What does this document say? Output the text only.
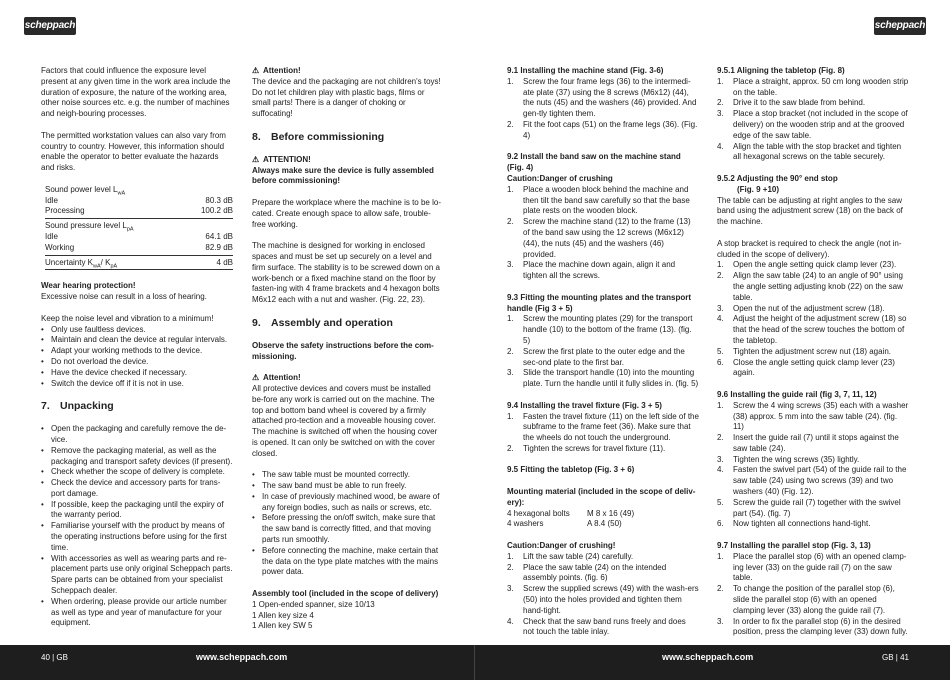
scheppach	scheppach

Factors that could influence the exposure level present at any given time in the work area include the duration of exposure, the nature of the working area, other noise sources etc. e.g. the number of machines and neigh-bouring processes.

The permitted workstation values can also vary from country to country. However, this information should enable the operator to better evaluate the hazards and risks.

Sound power level $L_{wA}$
Idle	80.3 dB
Processing	100.2 dB
Sound pressure level $L_{pA}$
Idle	64.1 dB
Working	82.9 dB
Uncertainty $K_{wA}/$ $K_{pA}$	4 dB
Wear hearing protection!
Excessive noise can result in a loss of hearing.
Keep the noise level and vibration to a minimum!
• Only use faultless devices.
• Maintain and clean the device at regular intervals.
• Adapt your working methods to the device.
• Do not overload the device.
• Have the device checked if necessary.
• Switch the device off if it is not in use.
7. Unpacking
• Open the packaging and carefully remove the de-vice.
• Remove the packaging material, as well as the packaging and transport safety devices (if present).
• Check whether the scope of delivery is complete.
• Check the device and accessory parts for trans-port damage.
• If possible, keep the packaging until the expiry of the warranty period.
• Familiarise yourself with the product by means of the operating instructions before using for the first time.
• With accessories as well as wearing parts and re-placement parts use only original Scheppach parts. Spare parts can be obtained from your specialist Scheppach dealer.
• When ordering, please provide our article number as well as type and year of manufacture for your equipment.
⚠ Attention!
The device and the packaging are not children's toys! Do not let children play with plastic bags, films or small parts! There is a danger of choking or suffocating!
8. Before commissioning
⚠ ATTENTION!
Always make sure the device is fully assembled before commissioning!

Prepare the workplace where the machine is to be lo-cated. Create enough space to allow safe, trouble-free working.

The machine is designed for working in enclosed spaces and must be set up securely on a level and firm surface. The stability is to be screwed down on a work-bench or a fixed machine stand on the floor by fasten-ing with 4 frame brackets and 4 hexagon bolts M6x12 each with a nut and washer. (Fig. 22, 23).

9. Assembly and operation

Observe the safety instructions before the com-missioning.

⚠ Attention!
All protective devices and covers must be installed be-fore any work is carried out on the machine. The top and bottom band wheel is covered by a firmly attached pro-tection and a moveable housing cover. The machine is switched off when the housing cover is opened. It can only be switched on with the cover closed.
• The saw table must be mounted correctly.
• The saw band must be able to run freely.
• In case of previously machined wood, be aware of any foreign bodies, such as nails or screws, etc.
• Before pressing the on/off switch, make sure that the saw band is correctly fitted, and that moving parts run smoothly.
• Before connecting the machine, make certain that the data on the type plate matches with the mains power data.
Assembly tool (included in the scope of delivery)
1 Open-ended spanner, size 10/13
1 Allen key size 4
1 Allen key SW 5
9.1 Installing the machine stand (Fig. 3-6)
1. Screw the four frame legs (36) to the intermedi-ate plate (37) using the 8 screws (M6x12) (44), the nuts (45) and the washers (46) provided. And gen-tly tighten them.
2. Fit the foot caps (51) on the frame legs (36). (Fig. 4)
9.2 Install the band saw on the machine stand (Fig. 4)
Caution:Danger of crushing
1. Place a wooden block behind the machine and then tilt the band saw carefully so that the base plate rests on the wooden block.
2. Screw the machine stand (12) to the frame (13) of the band saw using the 12 screws (M6x12) (44), the nuts (45) and the washers (46) provided.
3. Place the machine down again, align it and tighten all the screws.
9.3 Fitting the mounting plates and the transport handle (Fig 3 + 5)
1. Screw the mounting plates (29) for the transport handle (10) to the bottom of the frame (13). (fig. 5)
2. Screw the first plate to the outer edge and the sec-ond plate to the first bar.
3. Slide the transport handle (10) into the mounting plate. Turn the handle until it fully slides in. (fig. 5)
9.4 Installing the travel fixture (Fig. 3 + 5)
1. Fasten the travel fixture (11) on the left side of the subframe to the frame feet (36). Make sure that the wheels do not touch the underground.
2. Tighten the screws for travel fixture (11).
9.5 Fitting the tabletop (Fig. 3 + 6)
Mounting material (included in the scope of deliv-ery):
4 hexagonal bolts	M 8 x 16 (49)
4 washers	A 8.4 (50)
Caution:Danger of crushing!
1. Lift the saw table (24) carefully.
2. Place the saw table (24) on the intended assembly points. (fig. 6)
3. Screw the supplied screws (49) with the wash-ers (50) into the holes provided and tighten them hand-tight.
4. Check that the saw band runs freely and does not touch the table inlay.
9.5.1 Aligning the tabletop (Fig. 8)
1. Place a straight, approx. 50 cm long wooden strip on the table.
2. Drive it to the saw blade from behind.
3. Place a stop bracket (not included in the scope of delivery) on the wooden strip and at the grooved edge of the saw table.
4. Align the table with the stop bracket and tighten all hexagonal screws on the table securely.
9.5.2 Adjusting the 90° end stop
(Fig. 9 +10)

The table can be adjusting at right angles to the saw band using the adjustment screw (18) on the back of the machine.

A stop bracket is required to check the angle (not in-cluded in the scope of delivery).
1. Open the angle setting quick clamp lever (23).
2. Align the saw table (24) to an angle of 90° using the angle setting adjusting knob (22) on the saw table.
3. Open the nut of the adjustment screw (18).
4. Adjust the height of the adjustment screw (18) so that the head of the screw touches the bottom of the tabletop.
5. Tighten the adjustment screw nut (18) again.
6. Close the angle setting quick clamp lever (23) again.
9.6 Installing the guide rail (fig 3, 7, 11, 12)
1. Screw the 4 wing screws (35) each with a washer (38) approx. 5 mm into the saw table (24). (fig. 11)
2. Insert the guide rail (7) until it stops against the saw table (24).
3. Tighten the wing screws (35) lightly.
4. Fasten the swivel part (54) of the guide rail to the saw table (24) using two screws (39) and two washers (40) (Fig. 12).
5. Screw the guide rail (7) together with the swivel part (54). (fig. 7)
6. Now tighten all connections hand-tight.
9.7 Installing the parallel stop (Fig. 3, 13)
1. Place the parallel stop (6) with an opened clamp-ing lever (33) on the guide rail (7) on the saw table.
2. To change the position of the parallel stop (6), slide the parallel stop (6) with an opened clamping lever (33) along the guide rail (7).
3. In order to fix the parallel stop (6) in the desired position, press the clamping lever (33) down fully.
40 | GB	www.scheppach.com	www.scheppach.com	GB | 41
